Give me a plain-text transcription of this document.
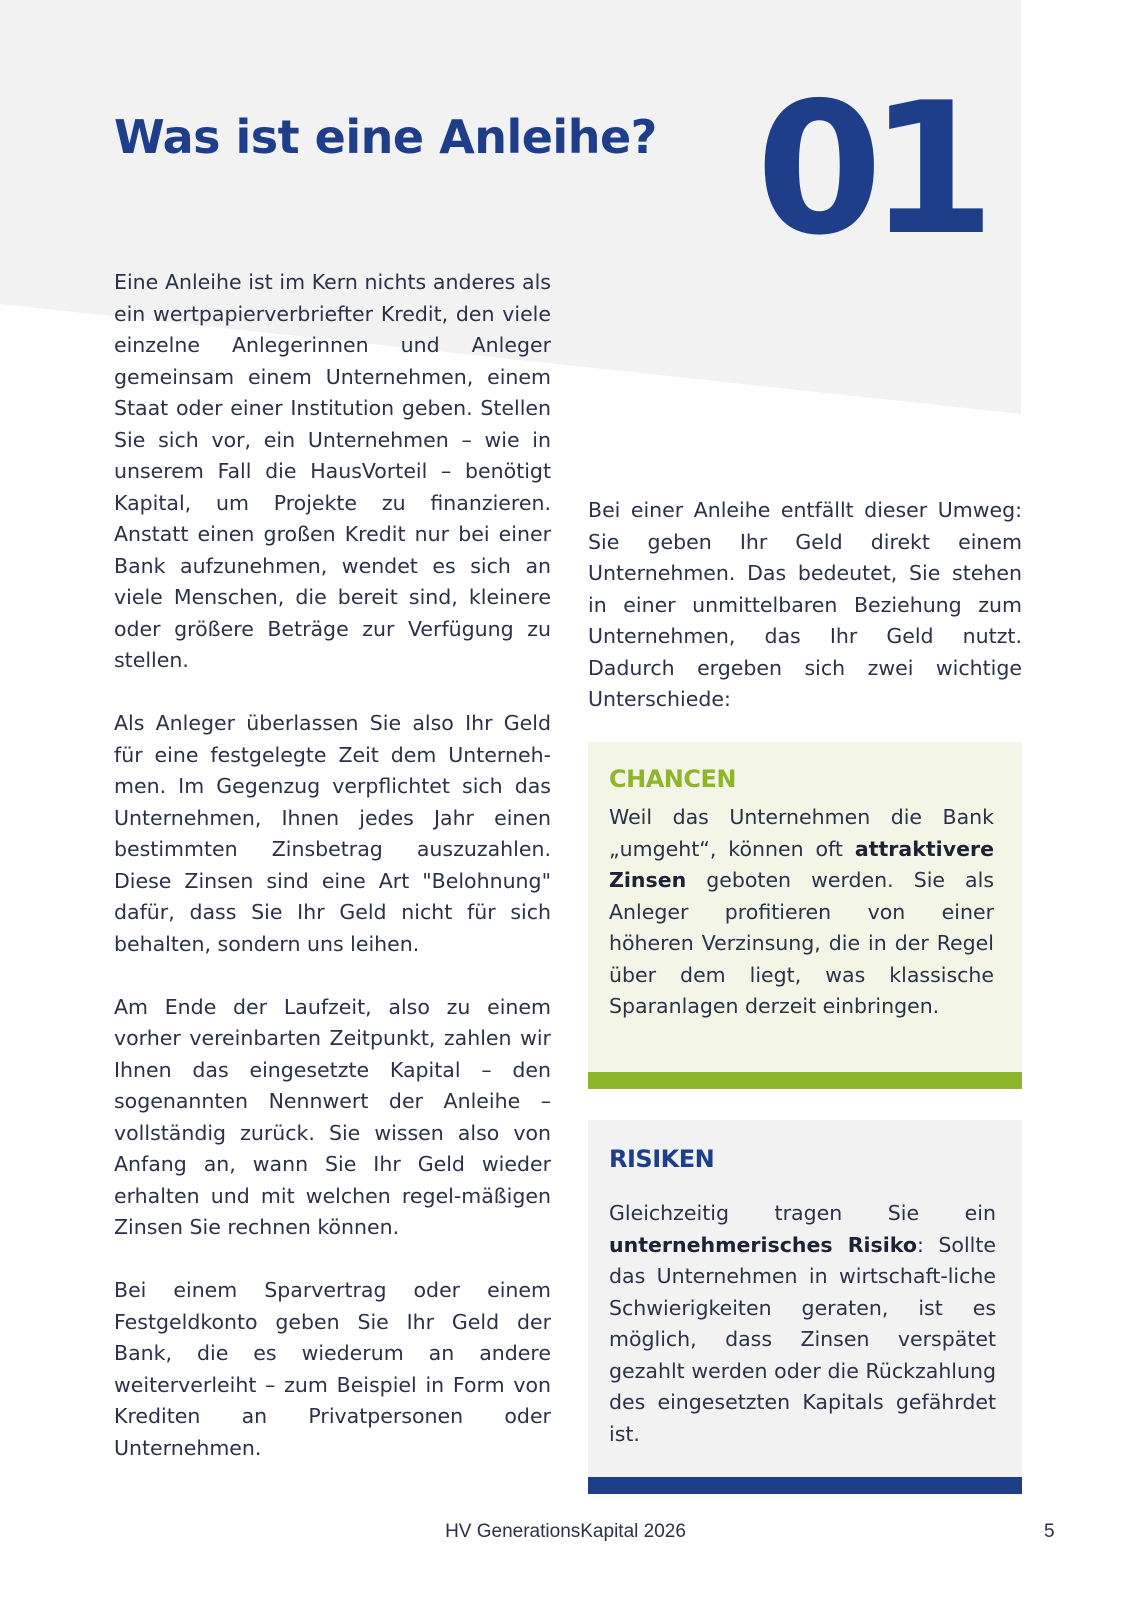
Was ist eine Anleihe? 01

Eine Anleihe ist im Kern nichts anderes als ein wertpapierverbriefter Kredit, den viele einzelne Anlegerinnen und Anleger gemeinsam einem Unternehmen, einem Staat oder einer Institution geben. Stellen Sie sich vor, ein Unternehmen – wie in unserem Fall die HausVorteil – benötigt Kapital, um Projekte zu finanzieren. Anstatt einen großen Kredit nur bei einer Bank aufzunehmen, wendet es sich an viele Menschen, die bereit sind, kleinere oder größere Beträge zur Verfügung zu stellen.

Als Anleger überlassen Sie also Ihr Geld für eine festgelegte Zeit dem Unterneh-men. Im Gegenzug verpflichtet sich das Unternehmen, Ihnen jedes Jahr einen bestimmten Zinsbetrag auszuzahlen. Diese Zinsen sind eine Art "Belohnung" dafür, dass Sie Ihr Geld nicht für sich behalten, sondern uns leihen.

Am Ende der Laufzeit, also zu einem vorher vereinbarten Zeitpunkt, zahlen wir Ihnen das eingesetzte Kapital – den sogenannten Nennwert der Anleihe – vollständig zurück. Sie wissen also von Anfang an, wann Sie Ihr Geld wieder erhalten und mit welchen regel-mäßigen Zinsen Sie rechnen können.

Bei einem Sparvertrag oder einem Festgeldkonto geben Sie Ihr Geld der Bank, die es wiederum an andere weiterverleiht – zum Beispiel in Form von Krediten an Privatpersonen oder Unternehmen.

Bei einer Anleihe entfällt dieser Umweg: Sie geben Ihr Geld direkt einem Unternehmen. Das bedeutet, Sie stehen in einer unmittelbaren Beziehung zum Unternehmen, das Ihr Geld nutzt. Dadurch ergeben sich zwei wichtige Unterschiede:

CHANCEN

Weil das Unternehmen die Bank „umgeht“, können oft attraktivere Zinsen geboten werden. Sie als Anleger profitieren von einer höheren Verzinsung, die in der Regel über dem liegt, was klassische Sparanlagen derzeit einbringen.

RISIKEN

Gleichzeitig tragen Sie ein unternehmerisches Risiko: Sollte das Unternehmen in wirtschaft-liche Schwierigkeiten geraten, ist es möglich, dass Zinsen verspätet gezahlt werden oder die Rückzahlung des eingesetzten Kapitals gefährdet ist.

HV GenerationsKapital 2026	5
